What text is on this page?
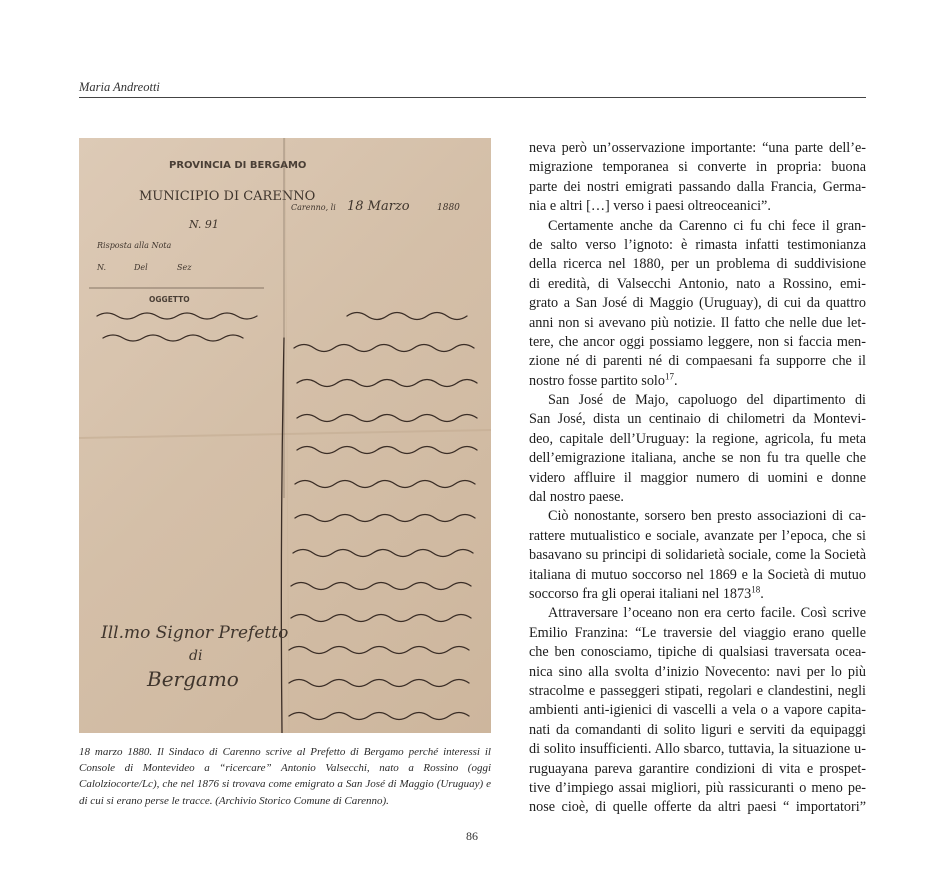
Maria Andreotti
PROVINCIA DI BERGAMO
MUNICIPIO DI CARENNO
N. 91
Risposta alla Nota
N.	Del	Sez
OGGETTO
Carenno, li 18 Marzo	1880
Ill.mo Signor Prefetto
di
Bergamo
18 marzo 1880. Il Sindaco di Carenno scrive al Prefetto di Bergamo perché interessi il Console di Montevideo a “ricercare” Antonio Valsecchi, nato a Rossino (oggi Calolziocorte/Lc), che nel 1876 si trovava come emigrato a San José di Maggio (Uruguay) e di cui si erano perse le tracce. (Archivio Storico Comune di Carenno).
neva però un’osservazione importante: “una parte dell’e-
migrazione temporanea si converte in propria: buona
parte dei nostri emigrati passando dalla Francia, Germa-
nia e altri […] verso i paesi oltreoceanici”.
Certamente anche da Carenno ci fu chi fece il gran-
de salto verso l’ignoto: è rimasta infatti testimonianza
della ricerca nel 1880, per un problema di suddivisione
di eredità, di Valsecchi Antonio, nato a Rossino, emi-
grato a San José di Maggio (Uruguay), di cui da quattro
anni non si avevano più notizie. Il fatto che nelle due let-
tere, che ancor oggi possiamo leggere, non si faccia men-
zione né di parenti né di compaesani fa supporre che il
nostro fosse partito solo$^{17}$.
San José de Majo, capoluogo del dipartimento di
San José, dista un centinaio di chilometri da Montevi-
deo, capitale dell’Uruguay: la regione, agricola, fu meta
dell’emigrazione italiana, anche se non fu tra quelle che
videro affluire il maggior numero di uomini e donne
dal nostro paese.
Ciò nonostante, sorsero ben presto associazioni di ca-
rattere mutualistico e sociale, avanzate per l’epoca, che si
basavano su principi di solidarietà sociale, come la Società
italiana di mutuo soccorso nel 1869 e la Società di mutuo
soccorso fra gli operai italiani nel 1873$^{18}$.
Attraversare l’oceano non era certo facile. Così scrive
Emilio Franzina: “Le traversie del viaggio erano quelle
che ben conosciamo, tipiche di qualsiasi traversata ocea-
nica sino alla svolta d’inizio Novecento: navi per lo più
stracolme e passeggeri stipati, regolari e clandestini, negli
ambienti anti-igienici di vascelli a vela o a vapore capita-
nati da comandanti di solito liguri e serviti da equipaggi
di solito insufficienti. Allo sbarco, tuttavia, la situazione u-
ruguayana pareva garantire condizioni di vita e prospet-
tive d’impiego assai migliori, più rassicuranti o meno pe-
nose cioè, di quelle offerte da altri paesi “ importatori”
86
